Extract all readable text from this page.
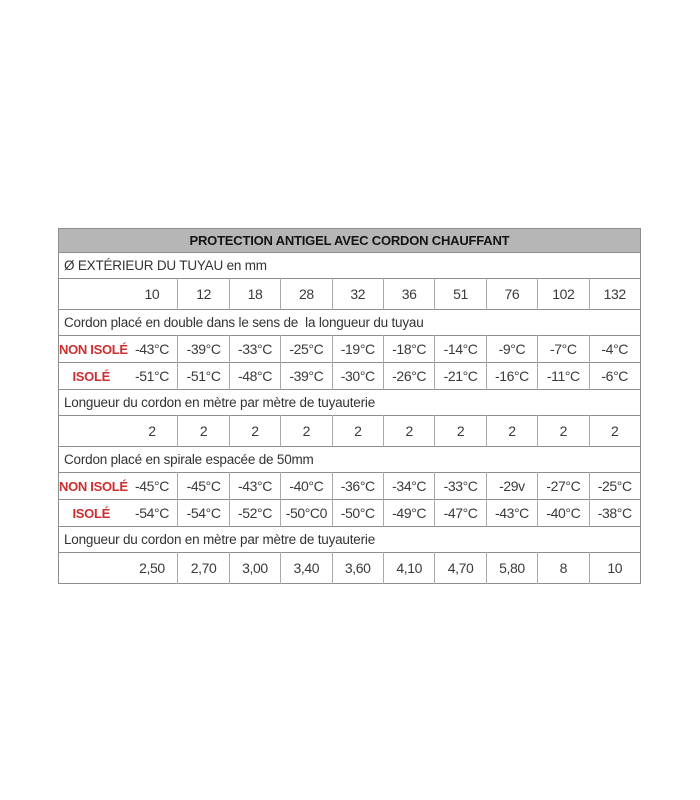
PROTECTION ANTIGEL AVEC CORDON CHAUFFANT										
Ø EXTÉRIEUR DU TUYAU en mm										
	10	12	18	28	32	36	51	76	102	132
Cordon placé en double dans le sens de  la longueur du tuyau										
NON ISOLÉ	-43°C	-39°C	-33°C	-25°C	-19°C	-18°C	-14°C	-9°C	-7°C	-4°C
ISOLÉ	-51°C	-51°C	-48°C	-39°C	-30°C	-26°C	-21°C	-16°C	-11°C	-6°C
Longueur du cordon en mètre par mètre de tuyauterie										
	2	2	2	2	2	2	2	2	2	2
Cordon placé en spirale espacée de 50mm										
NON ISOLÉ	-45°C	-45°C	-43°C	-40°C	-36°C	-34°C	-33°C	-29v	-27°C	-25°C
ISOLÉ	-54°C	-54°C	-52°C	-50°C0	-50°C	-49°C	-47°C	-43°C	-40°C	-38°C
Longueur du cordon en mètre par mètre de tuyauterie										
	2,50	2,70	3,00	3,40	3,60	4,10	4,70	5,80	8	10
